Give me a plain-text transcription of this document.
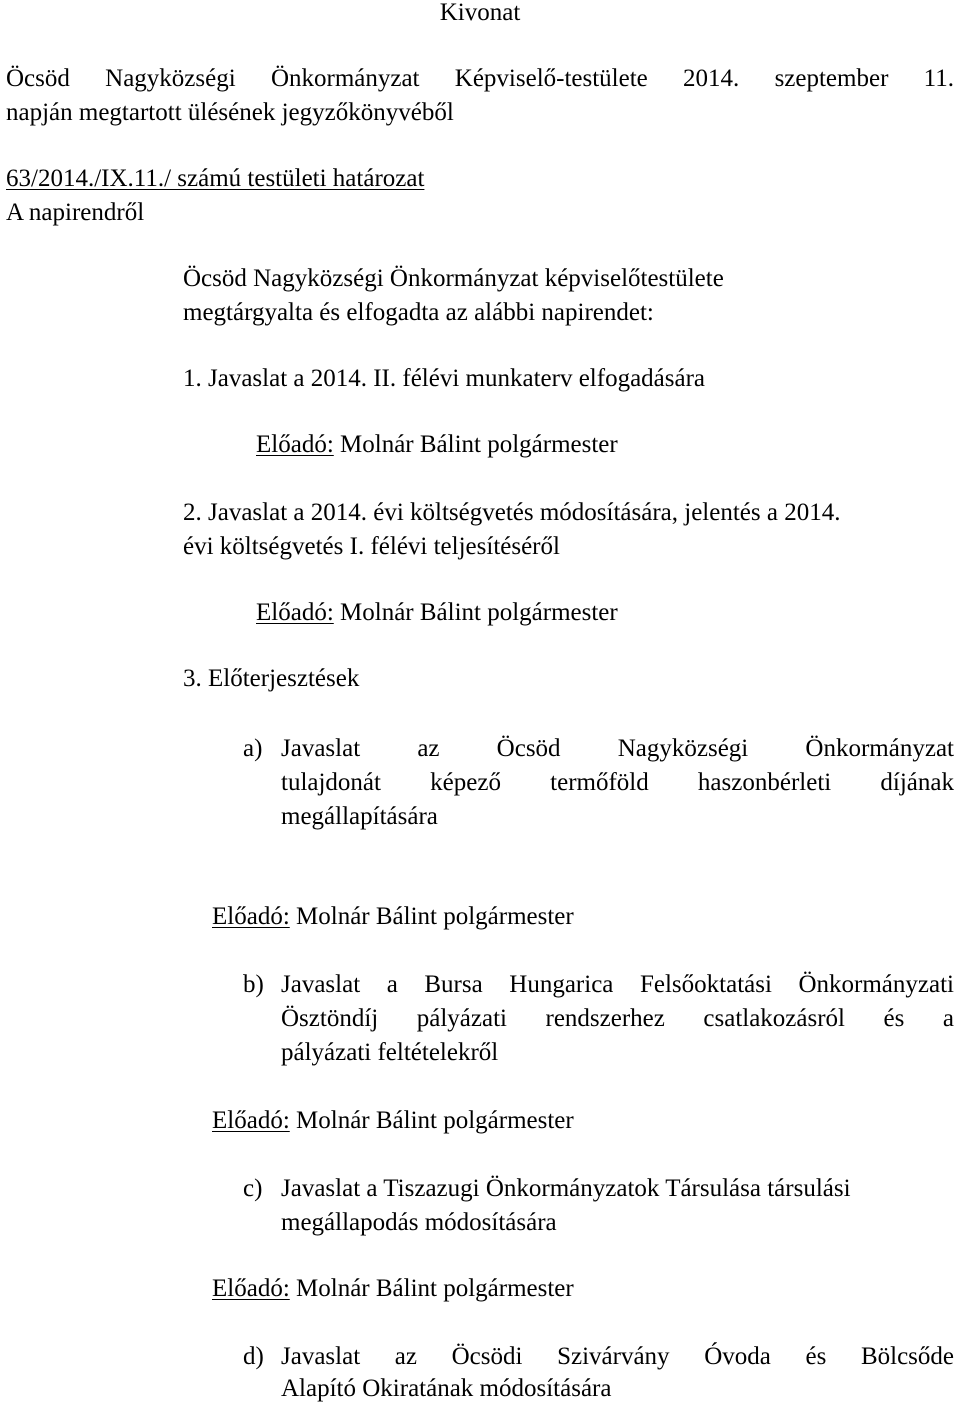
Kivonat
Öcsöd Nagyközségi Önkormányzat Képviselő-testülete 2014. szeptember 11.
napján megtartott ülésének jegyzőkönyvéből
63/2014./IX.11./ számú testületi határozat
A napirendről
Öcsöd Nagyközségi Önkormányzat képviselőtestülete
megtárgyalta és elfogadta az alábbi napirendet:
1. Javaslat a 2014. II. félévi munkaterv elfogadására
Előadó: Molnár Bálint polgármester
2. Javaslat a 2014. évi költségvetés módosítására, jelentés a 2014.
évi költségvetés I. félévi teljesítéséről
Előadó: Molnár Bálint polgármester
3. Előterjesztések
a) Javaslat az Öcsöd Nagyközségi Önkormányzat
tulajdonát képező termőföld haszonbérleti díjának
megállapítására
Előadó: Molnár Bálint polgármester
b) Javaslat a Bursa Hungarica Felsőoktatási Önkormányzati
Ösztöndíj pályázati rendszerhez csatlakozásról és a
pályázati feltételekről
Előadó: Molnár Bálint polgármester
c) Javaslat a Tiszazugi Önkormányzatok Társulása társulási
megállapodás módosítására
Előadó: Molnár Bálint polgármester
d) Javaslat az Öcsödi Szivárvány Óvoda és Bölcsőde
Alapító Okiratának módosítására
